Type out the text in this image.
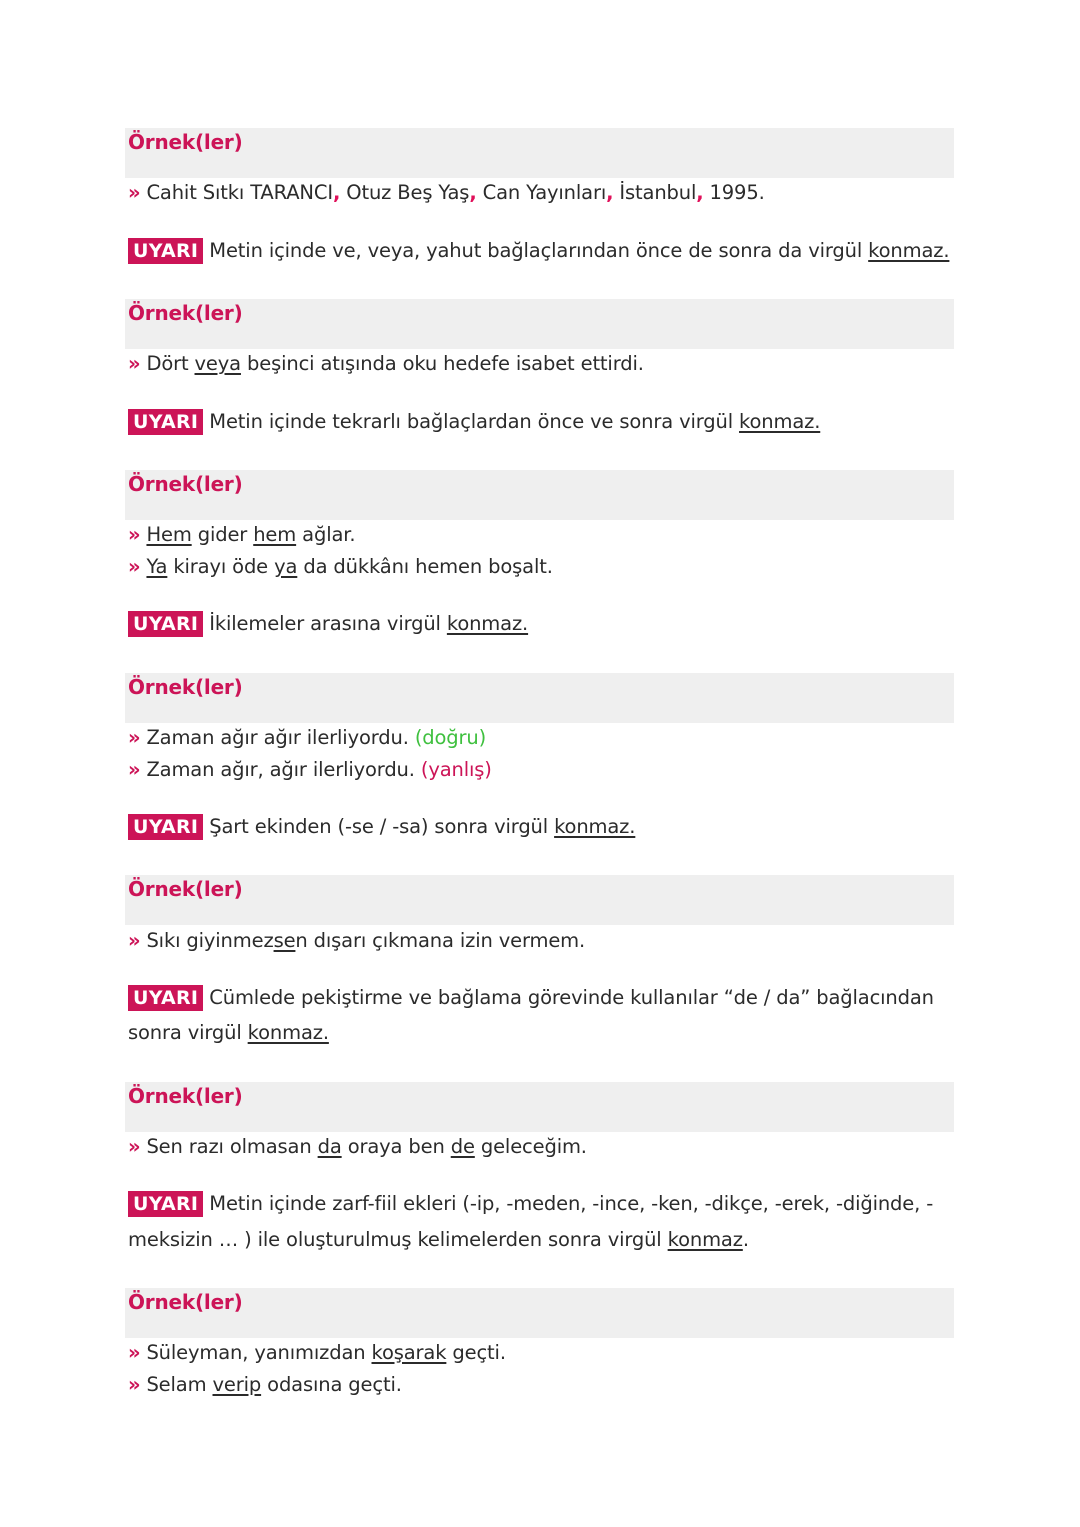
Örnek(ler)
» Cahit Sıtkı TARANCI, Otuz Beş Yaş, Can Yayınları, İstanbul, 1995.
UYARI Metin içinde ve, veya, yahut bağlaçlarından önce de sonra da virgül konmaz.
Örnek(ler)
» Dört veya beşinci atışında oku hedefe isabet ettirdi.
UYARI Metin içinde tekrarlı bağlaçlardan önce ve sonra virgül konmaz.
Örnek(ler)
» Hem gider hem ağlar.
» Ya kirayı öde ya da dükkânı hemen boşalt.
UYARI İkilemeler arasına virgül konmaz.
Örnek(ler)
» Zaman ağır ağır ilerliyordu. (doğru)
» Zaman ağır, ağır ilerliyordu. (yanlış)
UYARI Şart ekinden (-se / -sa) sonra virgül konmaz.
Örnek(ler)
» Sıkı giyinmezsen dışarı çıkmana izin vermem.
UYARI Cümlede pekiştirme ve bağlama görevinde kullanılar “de / da” bağlacından
sonra virgül konmaz.
Örnek(ler)
» Sen razı olmasan da oraya ben de geleceğim.
UYARI Metin içinde zarf-fiil ekleri (-ip, -meden, -ince, -ken, -dikçe, -erek, -diğinde, -
meksizin … ) ile oluşturulmuş kelimelerden sonra virgül konmaz.
Örnek(ler)
» Süleyman, yanımızdan koşarak geçti.
» Selam verip odasına geçti.
